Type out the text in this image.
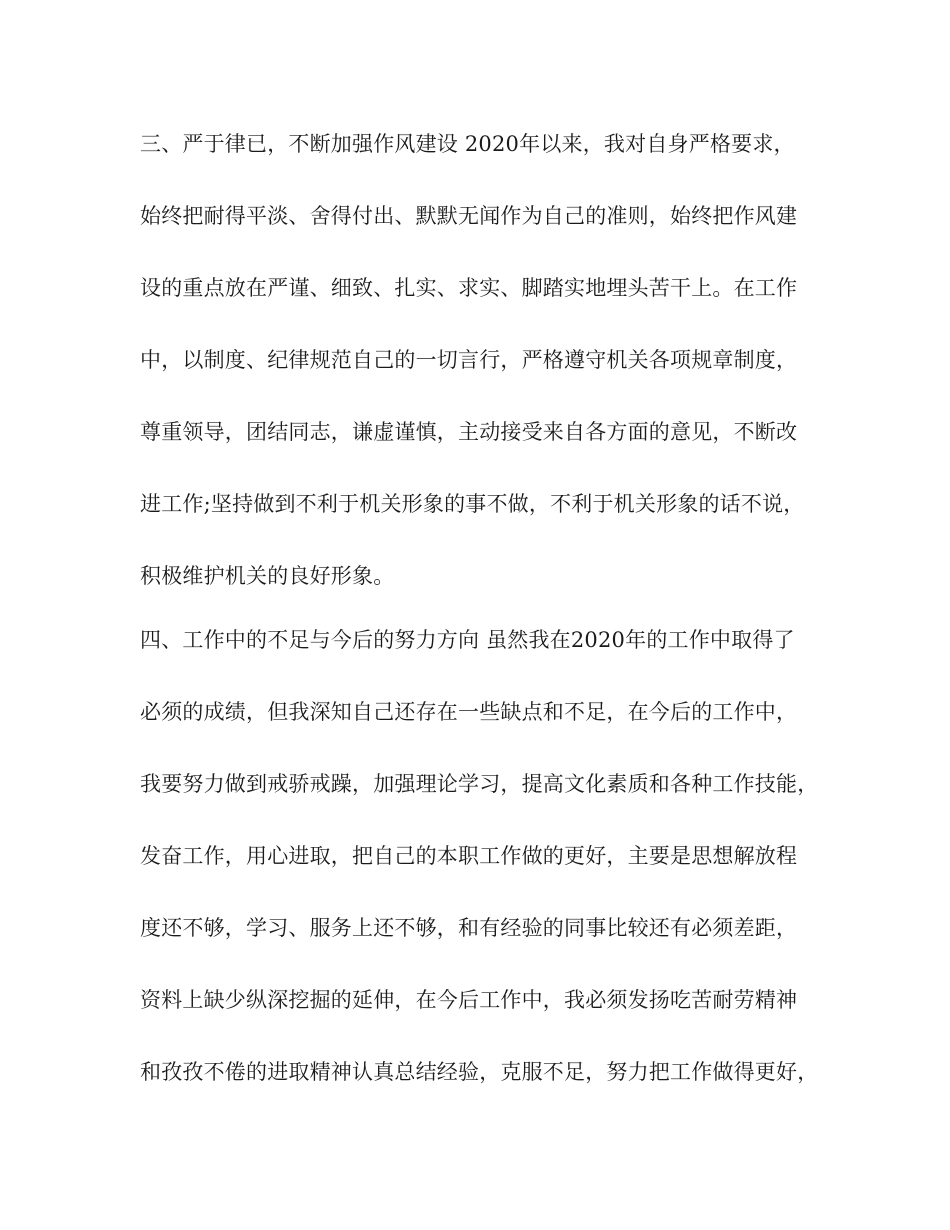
三、严于律已，不断加强作风建设 2020年以来，我对自身严格要求，
始终把耐得平淡、舍得付出、默默无闻作为自己的准则，始终把作风建
设的重点放在严谨、细致、扎实、求实、脚踏实地埋头苦干上。在工作
中，以制度、纪律规范自己的一切言行，严格遵守机关各项规章制度，
尊重领导，团结同志，谦虚谨慎，主动接受来自各方面的意见，不断改
进工作;坚持做到不利于机关形象的事不做，不利于机关形象的话不说，
积极维护机关的良好形象。
四、工作中的不足与今后的努力方向 虽然我在2020年的工作中取得了
必须的成绩，但我深知自己还存在一些缺点和不足，在今后的工作中，
我要努力做到戒骄戒躁，加强理论学习，提高文化素质和各种工作技能，
发奋工作，用心进取，把自己的本职工作做的更好，主要是思想解放程
度还不够，学习、服务上还不够，和有经验的同事比较还有必须差距，
资料上缺少纵深挖掘的延伸，在今后工作中，我必须发扬吃苦耐劳精神
和孜孜不倦的进取精神认真总结经验，克服不足，努力把工作做得更好，
